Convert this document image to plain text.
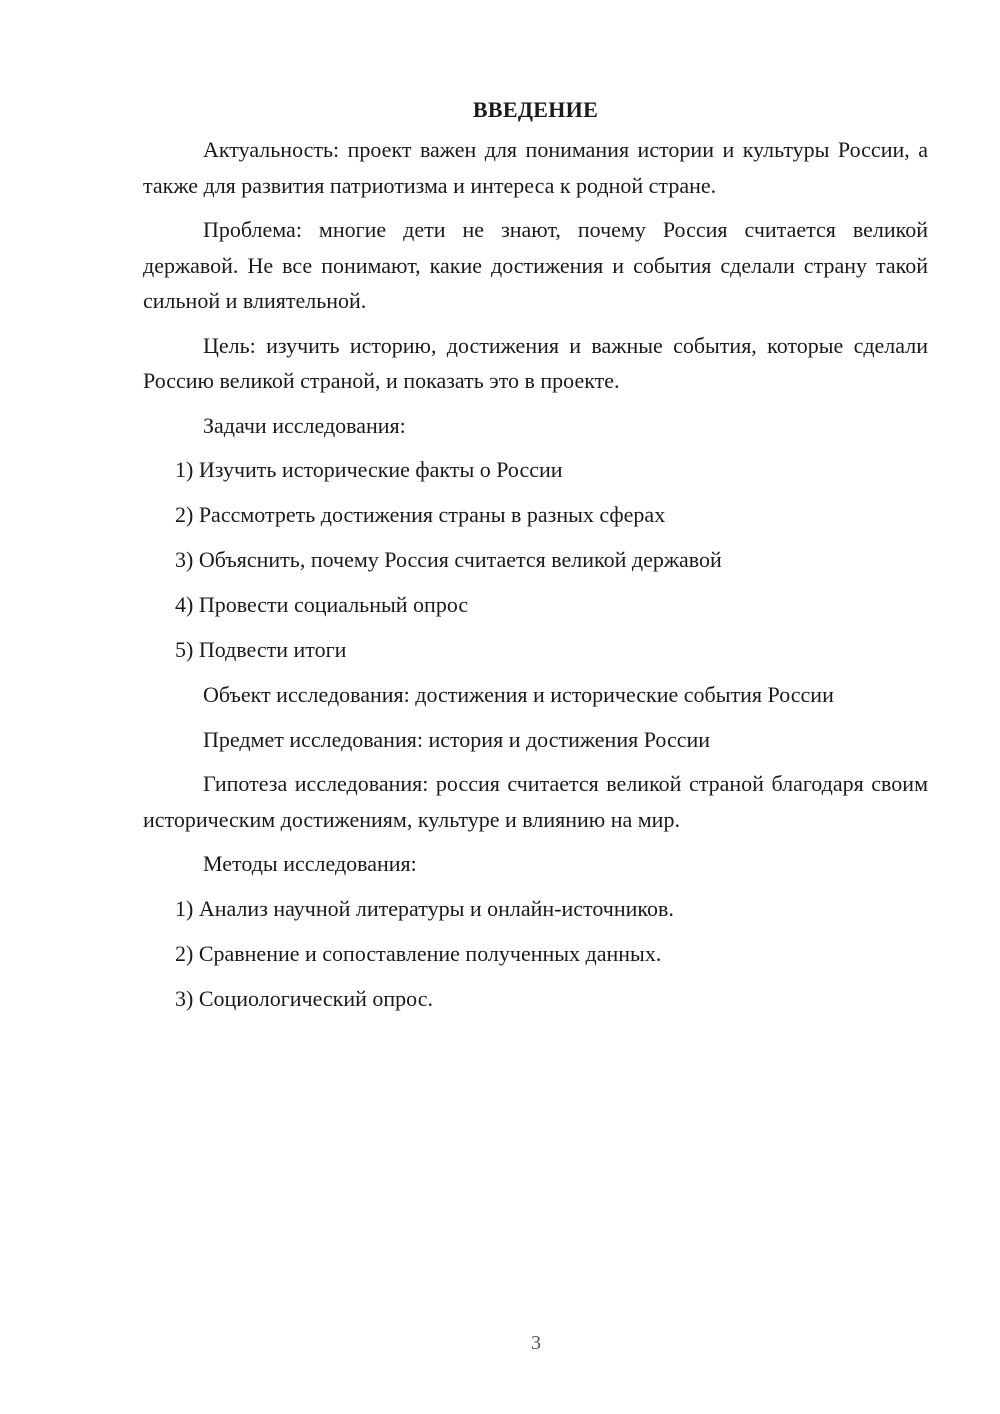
ВВЕДЕНИЕ

Актуальность: проект важен для понимания истории и культуры России, а также для развития патриотизма и интереса к родной стране.

Проблема: многие дети не знают, почему Россия считается великой державой. Не все понимают, какие достижения и события сделали страну такой сильной и влиятельной.

Цель: изучить историю, достижения и важные события, которые сделали Россию великой страной, и показать это в проекте.

Задачи исследования:

1) Изучить исторические факты о России
2) Рассмотреть достижения страны в разных сферах
3) Объяснить, почему Россия считается великой державой
4) Провести социальный опрос
5) Подвести итоги

Объект исследования: достижения и исторические события России

Предмет исследования: история и достижения России

Гипотеза исследования: россия считается великой страной благодаря своим историческим достижениям, культуре и влиянию на мир.

Методы исследования:

1) Анализ научной литературы и онлайн-источников.
2) Сравнение и сопоставление полученных данных.
3) Социологический опрос.
3
